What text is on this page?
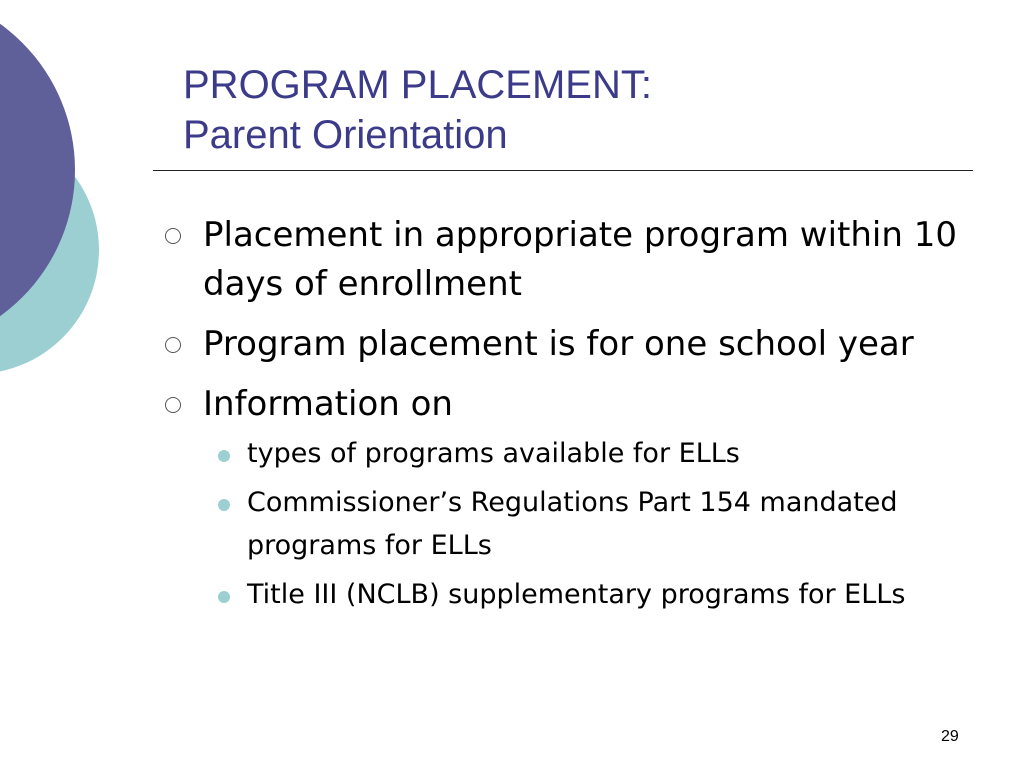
PROGRAM PLACEMENT:
Parent Orientation
Placement in appropriate program within 10 days of enrollment
Program placement is for one school year
Information on
types of programs available for ELLs
Commissioner’s Regulations Part 154 mandated programs for ELLs
Title III (NCLB) supplementary programs for ELLs
29
